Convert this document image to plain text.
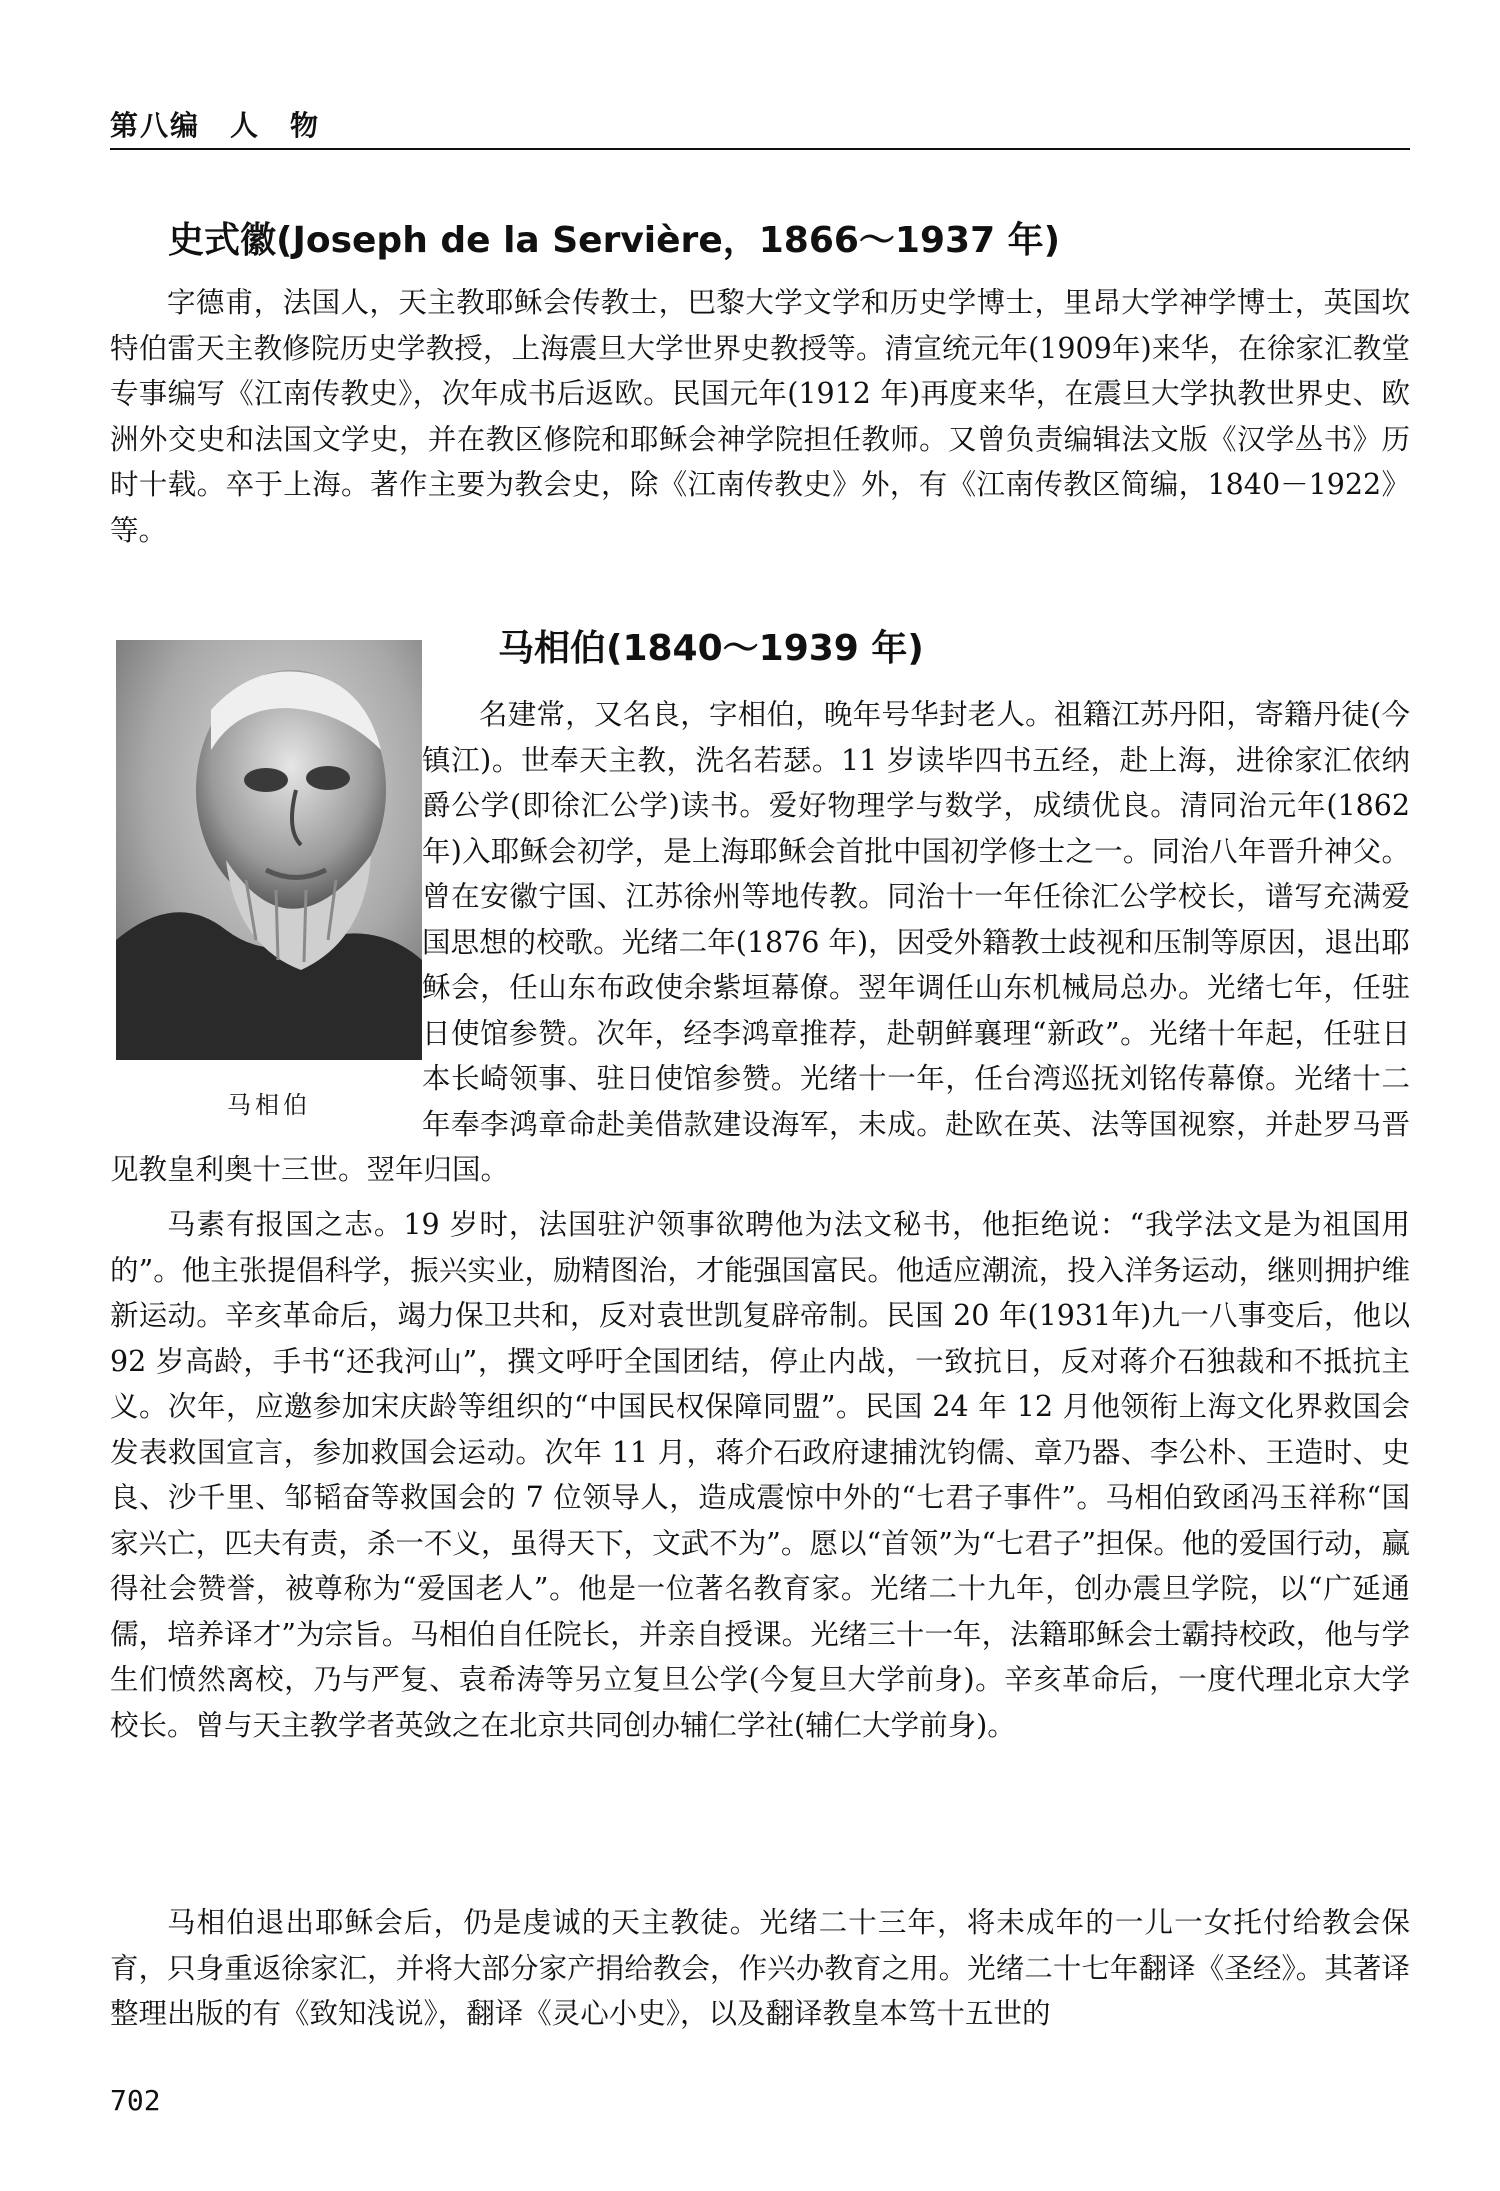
第八编　人　物
史式徽(Joseph de la Servière，1866～1937 年)

字德甫，法国人，天主教耶稣会传教士，巴黎大学文学和历史学博士，里昂大学神学博士，英国坎特伯雷天主教修院历史学教授，上海震旦大学世界史教授等。清宣统元年(1909年)来华，在徐家汇教堂专事编写《江南传教史》，次年成书后返欧。民国元年(1912 年)再度来华，在震旦大学执教世界史、欧洲外交史和法国文学史，并在教区修院和耶稣会神学院担任教师。又曾负责编辑法文版《汉学丛书》历时十载。卒于上海。著作主要为教会史，除《江南传教史》外，有《江南传教区简编，1840－1922》等。

马相伯(1840～1939 年)
马相伯
名建常，又名良，字相伯，晚年号华封老人。祖籍江苏丹阳，寄籍丹徒(今镇江)。世奉天主教，洗名若瑟。11 岁读毕四书五经，赴上海，进徐家汇依纳爵公学(即徐汇公学)读书。爱好物理学与数学，成绩优良。清同治元年(1862 年)入耶稣会初学，是上海耶稣会首批中国初学修士之一。同治八年晋升神父。曾在安徽宁国、江苏徐州等地传教。同治十一年任徐汇公学校长，谱写充满爱国思想的校歌。光绪二年(1876 年)，因受外籍教士歧视和压制等原因，退出耶稣会，任山东布政使余紫垣幕僚。翌年调任山东机械局总办。光绪七年，任驻日使馆参赞。次年，经李鸿章推荐，赴朝鲜襄理“新政”。光绪十年起，任驻日本长崎领事、驻日使馆参赞。光绪十一年，任台湾巡抚刘铭传幕僚。光绪十二年奉李鸿章命赴美借款建设海军，未成。赴欧在英、法等国视察，并赴罗马晋见教皇利奥十三世。翌年归国。

马素有报国之志。19 岁时，法国驻沪领事欲聘他为法文秘书，他拒绝说：“我学法文是为祖国用的”。他主张提倡科学，振兴实业，励精图治，才能强国富民。他适应潮流，投入洋务运动，继则拥护维新运动。辛亥革命后，竭力保卫共和，反对袁世凯复辟帝制。民国 20 年(1931年)九一八事变后，他以 92 岁高龄，手书“还我河山”，撰文呼吁全国团结，停止内战，一致抗日，反对蒋介石独裁和不抵抗主义。次年，应邀参加宋庆龄等组织的“中国民权保障同盟”。民国 24 年 12 月他领衔上海文化界救国会发表救国宣言，参加救国会运动。次年 11 月，蒋介石政府逮捕沈钧儒、章乃器、李公朴、王造时、史良、沙千里、邹韬奋等救国会的 7 位领导人，造成震惊中外的“七君子事件”。马相伯致函冯玉祥称“国家兴亡，匹夫有责，杀一不义，虽得天下，文武不为”。愿以“首领”为“七君子”担保。他的爱国行动，赢得社会赞誉，被尊称为“爱国老人”。他是一位著名教育家。光绪二十九年，创办震旦学院，以“广延通儒，培养译才”为宗旨。马相伯自任院长，并亲自授课。光绪三十一年，法籍耶稣会士霸持校政，他与学生们愤然离校，乃与严复、袁希涛等另立复旦公学(今复旦大学前身)。辛亥革命后，一度代理北京大学校长。曾与天主教学者英敛之在北京共同创办辅仁学社(辅仁大学前身)。

马相伯退出耶稣会后，仍是虔诚的天主教徒。光绪二十三年，将未成年的一儿一女托付给教会保育，只身重返徐家汇，并将大部分家产捐给教会，作兴办教育之用。光绪二十七年翻译《圣经》。其著译整理出版的有《致知浅说》，翻译《灵心小史》，以及翻译教皇本笃十五世的

702
